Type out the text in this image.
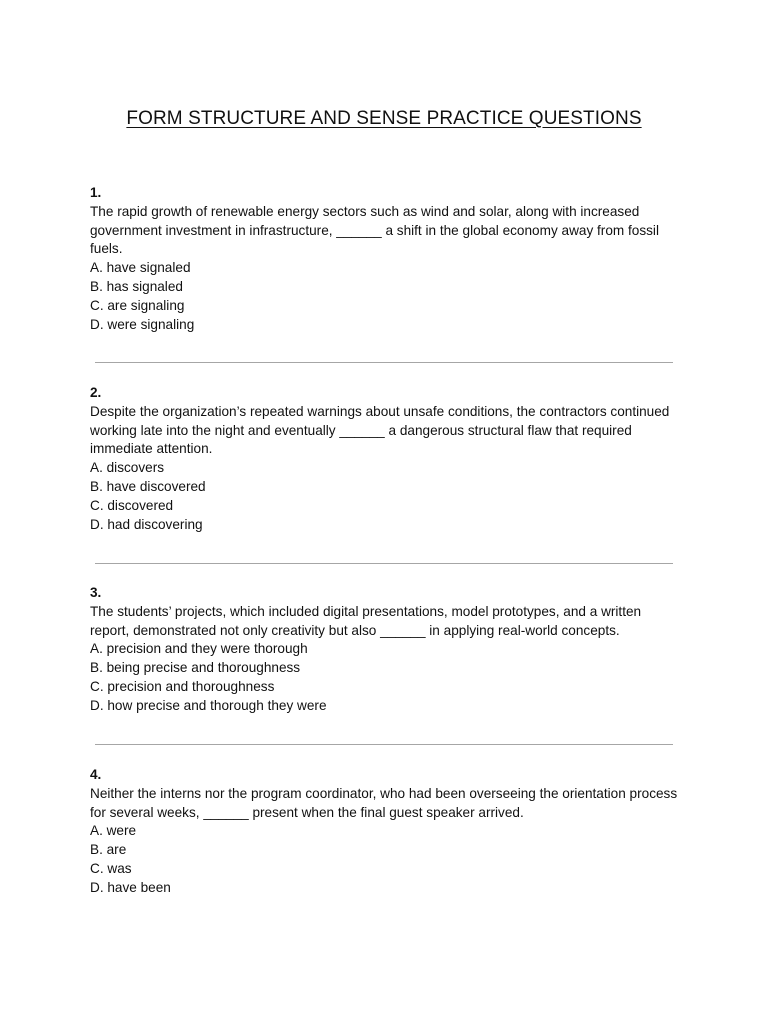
FORM STRUCTURE AND SENSE PRACTICE QUESTIONS
1.
The rapid growth of renewable energy sectors such as wind and solar, along with increased government investment in infrastructure, ______ a shift in the global economy away from fossil fuels.
A. have signaled
B. has signaled
C. are signaling
D. were signaling
2.
Despite the organization’s repeated warnings about unsafe conditions, the contractors continued working late into the night and eventually ______ a dangerous structural flaw that required immediate attention.
A. discovers
B. have discovered
C. discovered
D. had discovering
3.
The students’ projects, which included digital presentations, model prototypes, and a written report, demonstrated not only creativity but also ______ in applying real-world concepts.
A. precision and they were thorough
B. being precise and thoroughness
C. precision and thoroughness
D. how precise and thorough they were
4.
Neither the interns nor the program coordinator, who had been overseeing the orientation process for several weeks, ______ present when the final guest speaker arrived.
A. were
B. are
C. was
D. have been
